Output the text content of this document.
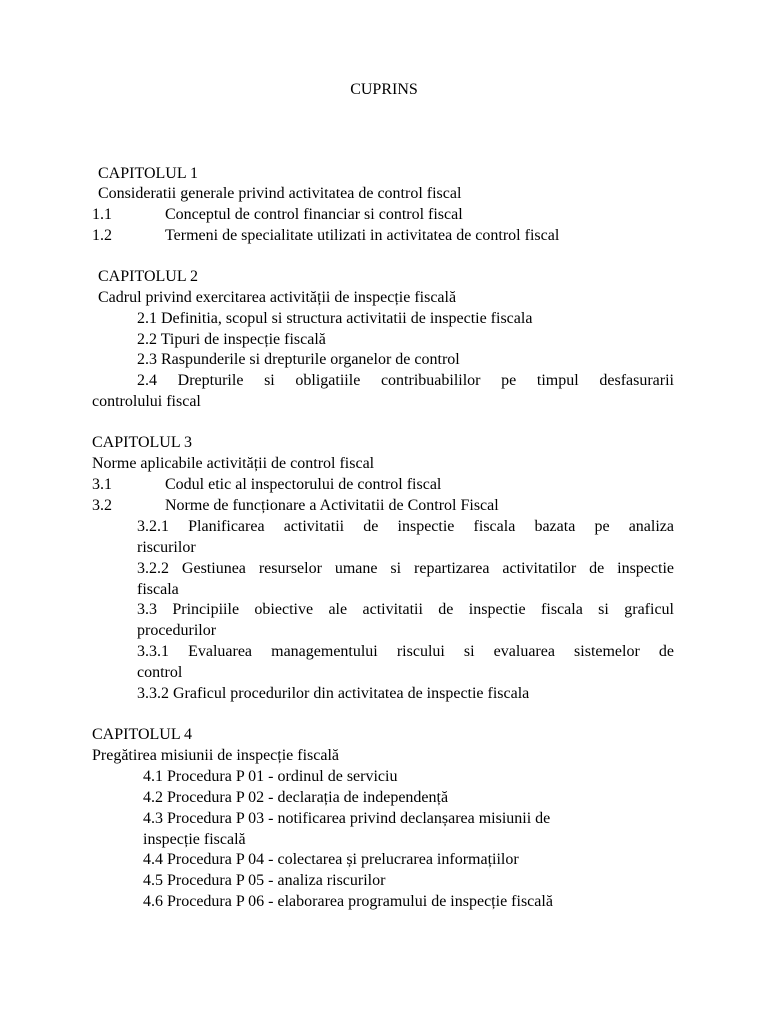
CUPRINS
CAPITOLUL 1
Consideratii generale privind activitatea de control fiscal
1.1	Conceptul de control financiar si control fiscal
1.2	Termeni de specialitate utilizati in activitatea de control fiscal
CAPITOLUL 2
Cadrul privind exercitarea activității de inspecție fiscală
2.1 Definitia, scopul si structura activitatii de inspectie fiscala
2.2 Tipuri de inspecție fiscală
2.3 Raspunderile si drepturile organelor de control
2.4 Drepturile si obligatiile contribuabililor pe timpul desfasurarii
controlului fiscal
CAPITOLUL 3
Norme aplicabile activității de control fiscal
3.1	Codul etic al inspectorului de control fiscal
3.2	Norme de funcționare a Activitatii de Control Fiscal
3.2.1 Planificarea activitatii de inspectie fiscala bazata pe analiza
riscurilor
3.2.2 Gestiunea resurselor umane si repartizarea activitatilor de inspectie
fiscala
3.3 Principiile obiective ale activitatii de inspectie fiscala si graficul
procedurilor
3.3.1 Evaluarea managementului riscului si evaluarea sistemelor de
control
3.3.2 Graficul procedurilor din activitatea de inspectie fiscala
CAPITOLUL 4
Pregătirea misiunii de inspecție fiscală
4.1 Procedura P 01 - ordinul de serviciu
4.2 Procedura P 02 - declarația de independență
4.3 Procedura P 03 - notificarea privind declanșarea misiunii de
inspecție fiscală
4.4 Procedura P 04 - colectarea și prelucrarea informațiilor
4.5 Procedura P 05 - analiza riscurilor
4.6 Procedura P 06 - elaborarea programului de inspecție fiscală
